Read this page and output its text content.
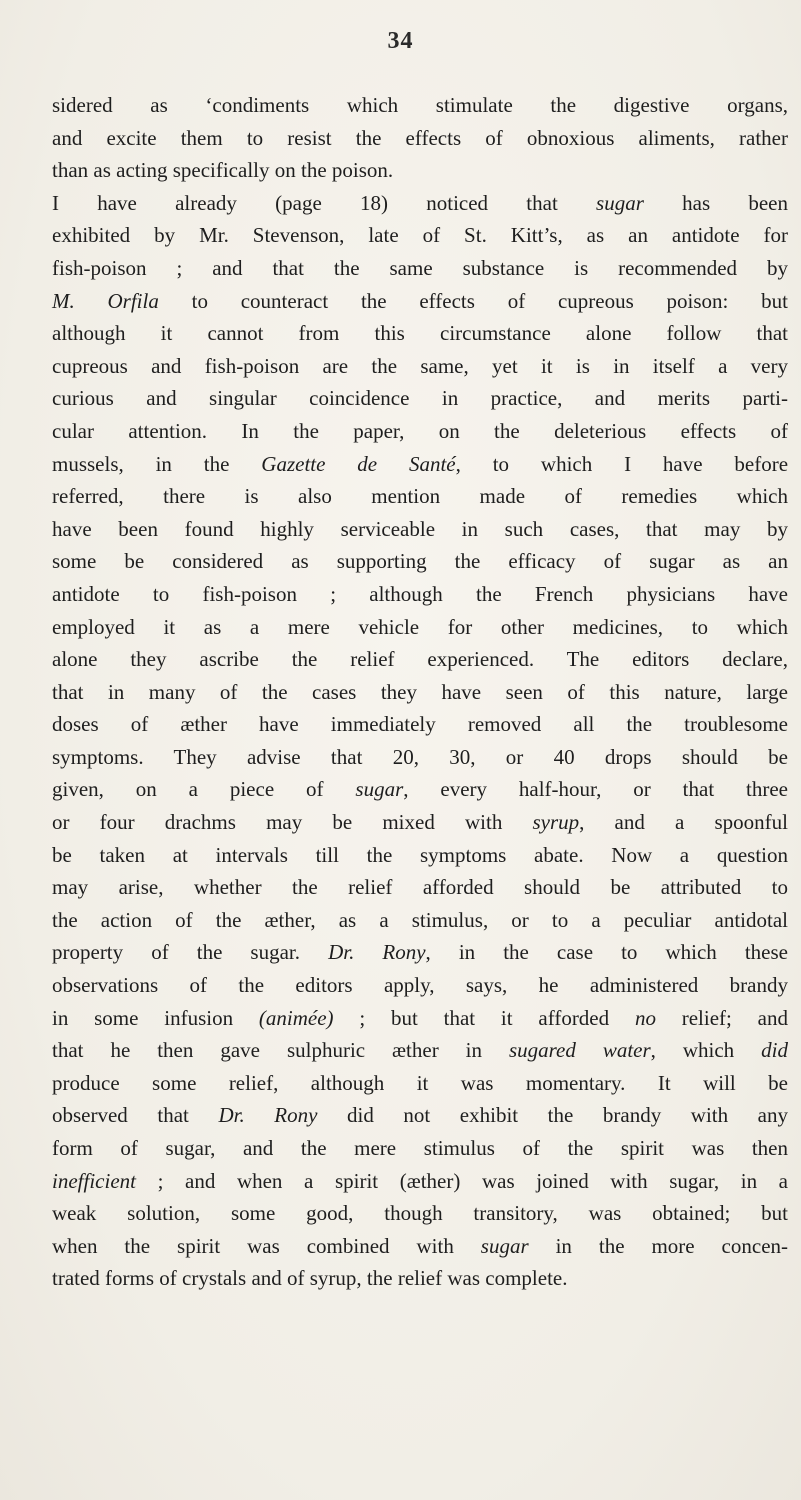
34
sidered as ‘condiments which stimulate the digestive organs,
and excite them to resist the effects of obnoxious aliments, rather
than as acting specifically on the poison.
I have already (page 18) noticed that sugar has been
exhibited by Mr. Stevenson, late of St. Kitt’s, as an antidote for
fish-poison ; and that the same substance is recommended by
M. Orfila to counteract the effects of cupreous poison: but
although it cannot from this circumstance alone follow that
cupreous and fish-poison are the same, yet it is in itself a very
curious and singular coincidence in practice, and merits parti-
cular attention. In the paper, on the deleterious effects of
mussels, in the Gazette de Santé, to which I have before
referred, there is also mention made of remedies which
have been found highly serviceable in such cases, that may by
some be considered as supporting the efficacy of sugar as an
antidote to fish-poison ; although the French physicians have
employed it as a mere vehicle for other medicines, to which
alone they ascribe the relief experienced. The editors declare,
that in many of the cases they have seen of this nature, large
doses of æther have immediately removed all the troublesome
symptoms. They advise that 20, 30, or 40 drops should be
given, on a piece of sugar, every half-hour, or that three
or four drachms may be mixed with syrup, and a spoonful
be taken at intervals till the symptoms abate. Now a question
may arise, whether the relief afforded should be attributed to
the action of the æther, as a stimulus, or to a peculiar antidotal
property of the sugar. Dr. Rony, in the case to which these
observations of the editors apply, says, he administered brandy
in some infusion (animée) ; but that it afforded no relief; and
that he then gave sulphuric æther in sugared water, which did
produce some relief, although it was momentary. It will be
observed that Dr. Rony did not exhibit the brandy with any
form of sugar, and the mere stimulus of the spirit was then
inefficient ; and when a spirit (æther) was joined with sugar, in a
weak solution, some good, though transitory, was obtained; but
when the spirit was combined with sugar in the more concen-
trated forms of crystals and of syrup, the relief was complete.
